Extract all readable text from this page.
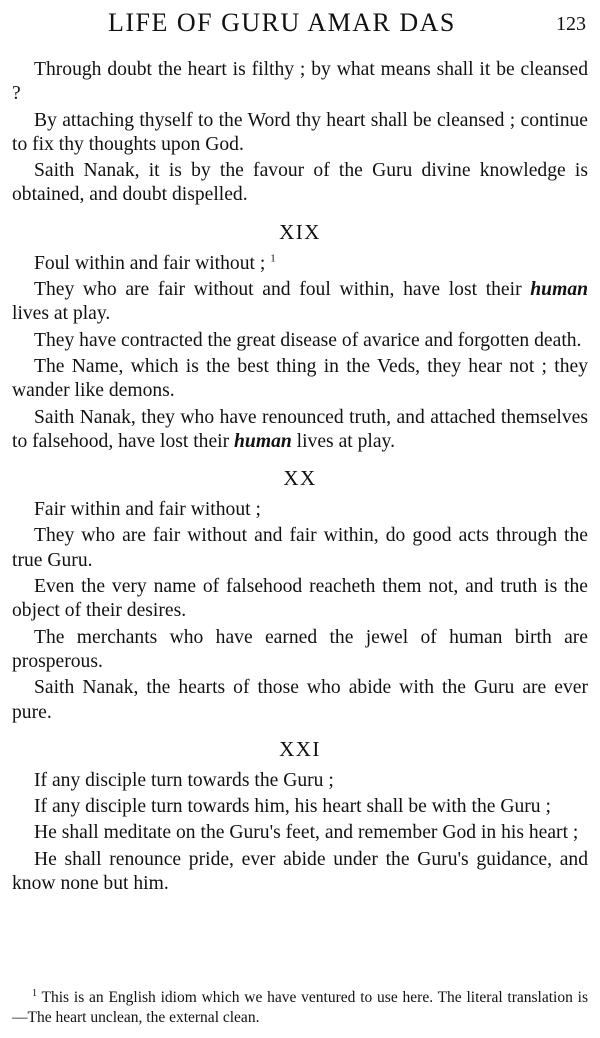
LIFE OF GURU AMAR DAS	123

Through doubt the heart is filthy ; by what means shall it be cleansed ?

By attaching thyself to the Word thy heart shall be cleansed ; continue to fix thy thoughts upon God.

Saith Nanak, it is by the favour of the Guru divine knowledge is obtained, and doubt dispelled.

XIX

Foul within and fair without ; $^1$

They who are fair without and foul within, have lost their human lives at play.

They have contracted the great disease of avarice and forgotten death.

The Name, which is the best thing in the Veds, they hear not ; they wander like demons.

Saith Nanak, they who have renounced truth, and attached themselves to falsehood, have lost their human lives at play.

XX

Fair within and fair without ;

They who are fair without and fair within, do good acts through the true Guru.

Even the very name of falsehood reacheth them not, and truth is the object of their desires.

The merchants who have earned the jewel of human birth are prosperous.

Saith Nanak, the hearts of those who abide with the Guru are ever pure.

XXI

If any disciple turn towards the Guru ;

If any disciple turn towards him, his heart shall be with the Guru ;

He shall meditate on the Guru's feet, and remember God in his heart ;

He shall renounce pride, ever abide under the Guru's guidance, and know none but him.

$^1$ This is an English idiom which we have ventured to use here. The literal translation is—The heart unclean, the external clean.
